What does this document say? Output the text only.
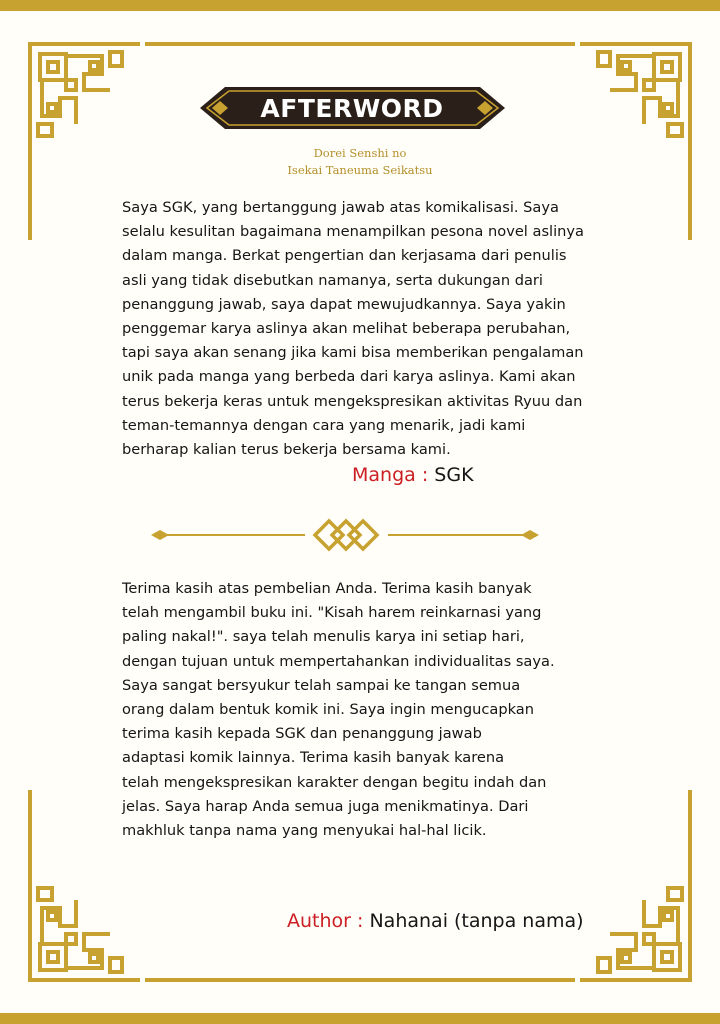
AFTERWORD
Dorei Senshi no
Isekai Taneuma Seikatsu
Saya SGK, yang bertanggung jawab atas komikalisasi. Saya
selalu kesulitan bagaimana menampilkan pesona novel aslinya
dalam manga. Berkat pengertian dan kerjasama dari penulis
asli yang tidak disebutkan namanya, serta dukungan dari
penanggung jawab, saya dapat mewujudkannya. Saya yakin
penggemar karya aslinya akan melihat beberapa perubahan,
tapi saya akan senang jika kami bisa memberikan pengalaman
unik pada manga yang berbeda dari karya aslinya. Kami akan
terus bekerja keras untuk mengekspresikan aktivitas Ryuu dan
teman-temannya dengan cara yang menarik, jadi kami
berharap kalian terus bekerja bersama kami.
Manga : SGK
Terima kasih atas pembelian Anda. Terima kasih banyak
telah mengambil buku ini. "Kisah harem reinkarnasi yang
paling nakal!". saya telah menulis karya ini setiap hari,
dengan tujuan untuk mempertahankan individualitas saya.
Saya sangat bersyukur telah sampai ke tangan semua
orang dalam bentuk komik ini. Saya ingin mengucapkan
terima kasih kepada SGK dan penanggung jawab
adaptasi komik lainnya. Terima kasih banyak karena
telah mengekspresikan karakter dengan begitu indah dan
jelas. Saya harap Anda semua juga menikmatinya. Dari
makhluk tanpa nama yang menyukai hal-hal licik.
Author : Nahanai (tanpa nama)
